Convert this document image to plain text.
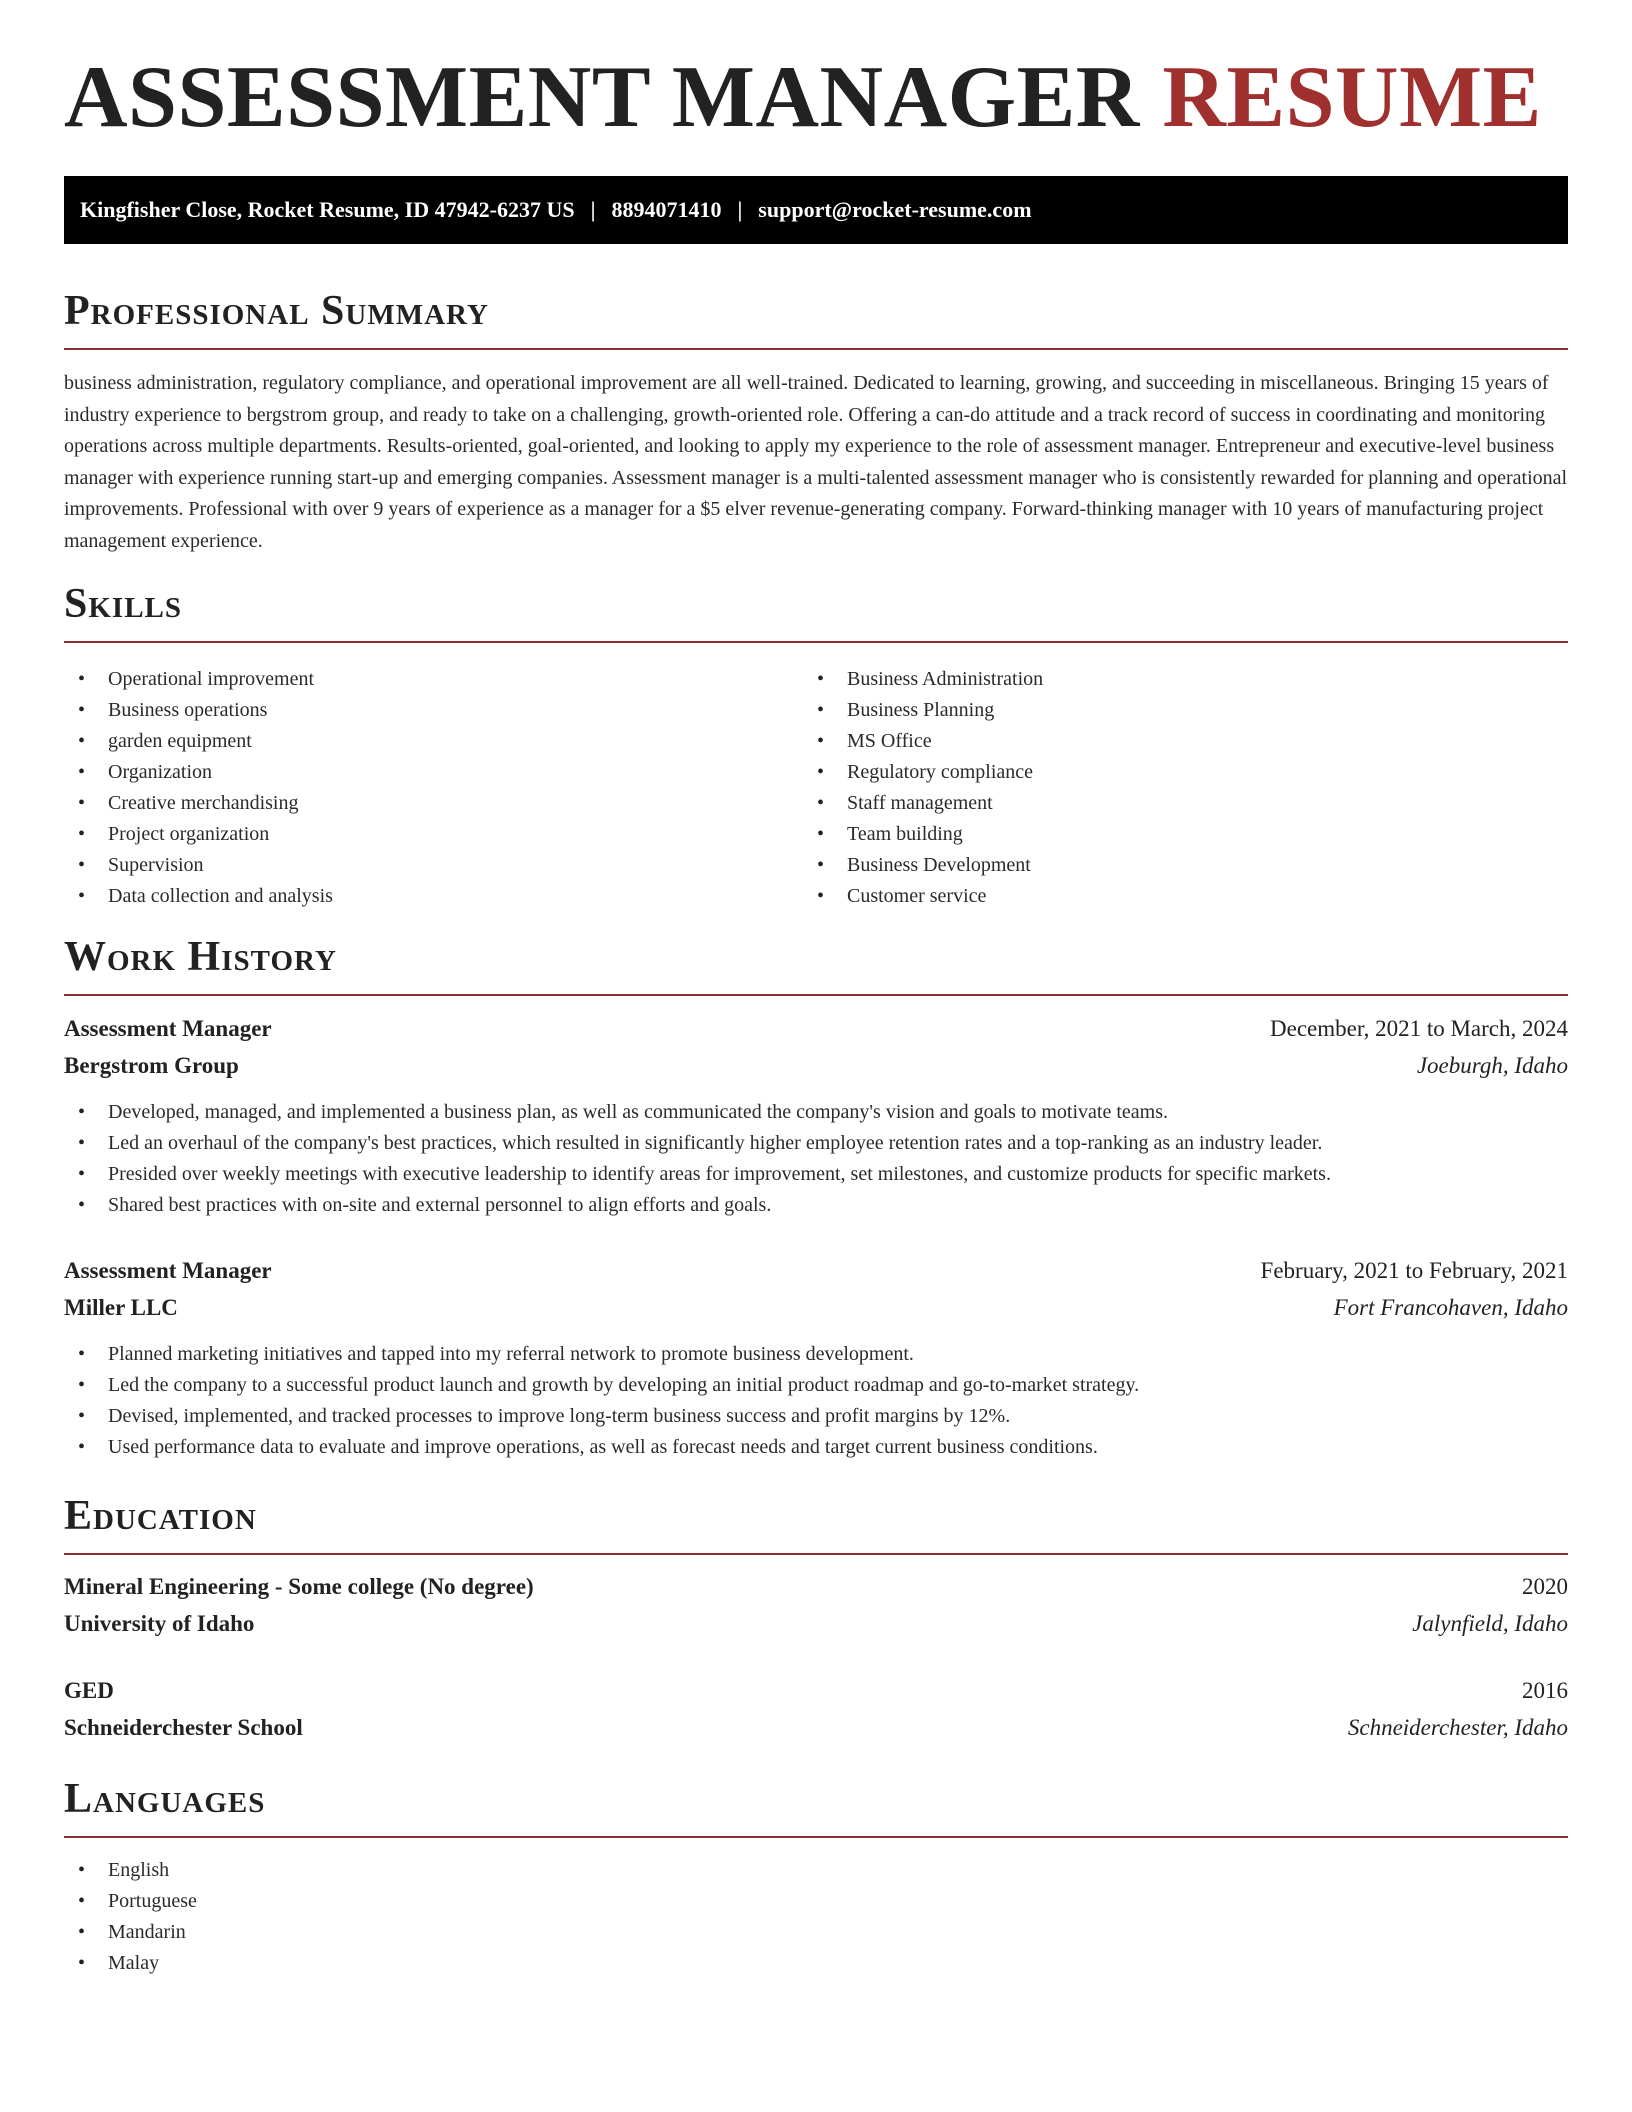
ASSESSMENT MANAGER RESUME
Kingfisher Close, Rocket Resume, ID 47942-6237 US | 8894071410 | support@rocket-resume.com
Professional Summary

business administration, regulatory compliance, and operational improvement are all well-trained. Dedicated to learning, growing, and succeeding in miscellaneous. Bringing 15 years of industry experience to bergstrom group, and ready to take on a challenging, growth-oriented role. Offering a can-do attitude and a track record of success in coordinating and monitoring operations across multiple departments. Results-oriented, goal-oriented, and looking to apply my experience to the role of assessment manager. Entrepreneur and executive-level business manager with experience running start-up and emerging companies. Assessment manager is a multi-talented assessment manager who is consistently rewarded for planning and operational improvements. Professional with over 9 years of experience as a manager for a $5 elver revenue-generating company. Forward-thinking manager with 10 years of manufacturing project management experience.

Skills
• Operational improvement
• Business operations
• garden equipment
• Organization
• Creative merchandising
• Project organization
• Supervision
• Data collection and analysis
• Business Administration
• Business Planning
• MS Office
• Regulatory compliance
• Staff management
• Team building
• Business Development
• Customer service
Work History
Assessment Manager	December, 2021 to March, 2024
Bergstrom Group	Joeburgh, Idaho
• Developed, managed, and implemented a business plan, as well as communicated the company's vision and goals to motivate teams.
• Led an overhaul of the company's best practices, which resulted in significantly higher employee retention rates and a top-ranking as an industry leader.
• Presided over weekly meetings with executive leadership to identify areas for improvement, set milestones, and customize products for specific markets.
• Shared best practices with on-site and external personnel to align efforts and goals.
Assessment Manager	February, 2021 to February, 2021
Miller LLC	Fort Francohaven, Idaho
• Planned marketing initiatives and tapped into my referral network to promote business development.
• Led the company to a successful product launch and growth by developing an initial product roadmap and go-to-market strategy.
• Devised, implemented, and tracked processes to improve long-term business success and profit margins by 12%.
• Used performance data to evaluate and improve operations, as well as forecast needs and target current business conditions.
Education
Mineral Engineering - Some college (No degree)	2020
University of Idaho	Jalynfield, Idaho
GED	2016
Schneiderchester School	Schneiderchester, Idaho
Languages
• English
• Portuguese
• Mandarin
• Malay
